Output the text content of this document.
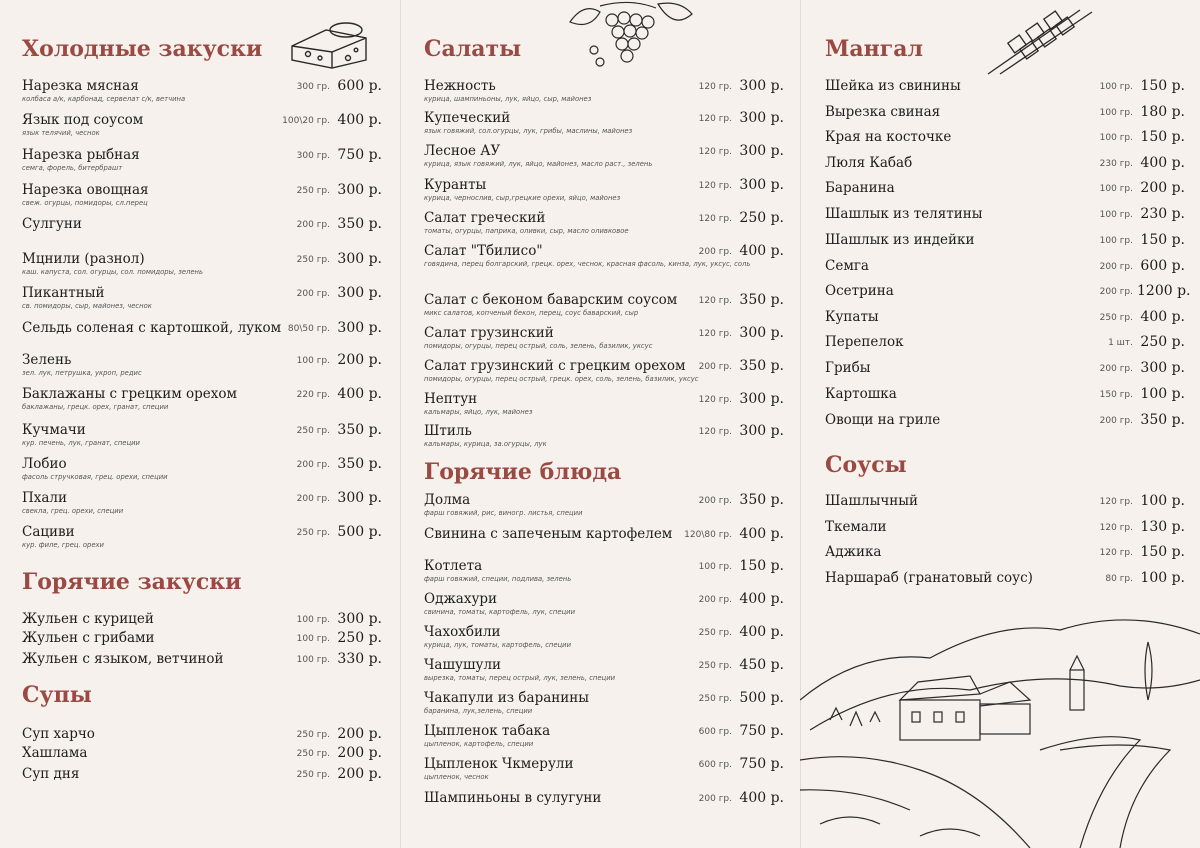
Холодные закуски
Нарезка мясная
колбаса а/к, карбонад, сервелат с/к, ветчина
300 гр. 600 р.
Язык под соусом
язык телячий, чеснок
100\20 гр. 400 р.
Нарезка рыбная
семга, форель, битербрашт
300 гр. 750 р.
Нарезка овощная
свеж. огурцы, помидоры, сл.перец
250 гр. 300 р.
Сулгуни	200 гр. 350 р.
Мцнили (разнол)
каш. капуста, сол. огурцы, сол. помидоры, зелень
250 гр. 300 р.
Пикантный
св. помидоры, сыр, майонез, чеснок
200 гр. 300 р.
Сельдь соленая с картошкой, луком 80\50 гр. 300 р.
Зелень
зел. лук, петрушка, укроп, редис
100 гр. 200 р.
Баклажаны с грецким орехом
баклажаны, грецк. орех, гранат, специи
220 гр. 400 р.
Кучмачи
кур. печень, лук, гранат, специи
250 гр. 350 р.
Лобио
фасоль стручковая, грец. орехи, специи
200 гр. 350 р.
Пхали
свекла, грец. орехи, специи
200 гр. 300 р.
Сациви
кур. филе, грец. орехи
250 гр. 500 р.
Горячие закуски
Жульен с курицей	100 гр. 300 р.
Жульен с грибами	100 гр. 250 р.
Жульен с языком, ветчиной	100 гр. 330 р.
Супы
Суп харчо	250 гр. 200 р.
Хашлама	250 гр. 200 р.
Суп дня	250 гр. 200 р.
Салаты
Нежность
курица, шампиньоны, лук, яйцо, сыр, майонез
120 гр. 300 р.
Купеческий
язык говяжий, сол.огурцы, лук, грибы, маслины, майонез
120 гр. 300 р.
Лесное АУ
курица, язык говяжий, лук, яйцо, майонез, масло раст., зелень
120 гр. 300 р.
Куранты
курица, чернослив, сыр,грецкие орехи, яйцо, майонез
120 гр. 300 р.
Салат греческий
томаты, огурцы, паприка, оливки, сыр, масло оливковое
120 гр. 250 р.
Салат "Тбилисо"
говядина, перец болгарский, грецк. орех, чеснок, красная фасоль, кинза, лук, уксус, соль
200 гр. 400 р.
Салат с беконом баварским соусом
микс салатов, копченый бекон, перец, соус баварский, сыр
120 гр. 350 р.
Салат грузинский
помидоры, огурцы, перец острый, соль, зелень, базилик, уксус
120 гр. 300 р.
Салат грузинский с грецким орехом
помидоры, огурцы, перец острый, грецк. орех, соль, зелень, базилик, уксус
200 гр. 350 р.
Нептун
кальмары, яйцо, лук, майонез
120 гр. 300 р.
Штиль
кальмары, курица, за.огурцы, лук
120 гр. 300 р.
Горячие блюда
Долма
фарш говяжий, рис, виногр. листья, специи
200 гр. 350 р.
Свинина с запеченым картофелем 120\80 гр. 400 р.
Котлета
фарш говяжий, специи, подлива, зелень
100 гр. 150 р.
Оджахури
свинина, томаты, картофель, лук, специи
200 гр. 400 р.
Чахохбили
курица, лук, томаты, картофель, специи
250 гр. 400 р.
Чашушули
вырезка, томаты, перец острый, лук, зелень, специи
250 гр. 450 р.
Чакапули из баранины
баранина, лук,зелень, специи
250 гр. 500 р.
Цыпленок табака
цыпленок, картофель, специи
600 гр. 750 р.
Цыпленок Чкмерули
цыпленок, чеснок
600 гр. 750 р.
Шампиньоны в сулугуни	200 гр. 400 р.
Мангал
Шейка из свинины	100 гр. 150 р.
Вырезка свиная	100 гр. 180 р.
Края на косточке	100 гр. 150 р.
Люля Кабаб	230 гр. 400 р.
Баранина	100 гр. 200 р.
Шашлык из телятины	100 гр. 230 р.
Шашлык из индейки	100 гр. 150 р.
Семга	200 гр. 600 р.
Осетрина	200 гр. 1200 р.
Купаты	250 гр. 400 р.
Перепелок	1 шт. 250 р.
Грибы	200 гр. 300 р.
Картошка	150 гр. 100 р.
Овощи на гриле	200 гр. 350 р.
Соусы
Шашлычный	120 гр. 100 р.
Ткемали	120 гр. 130 р.
Аджика	120 гр. 150 р.
Наршараб (гранатовый соус)	80 гр. 100 р.
